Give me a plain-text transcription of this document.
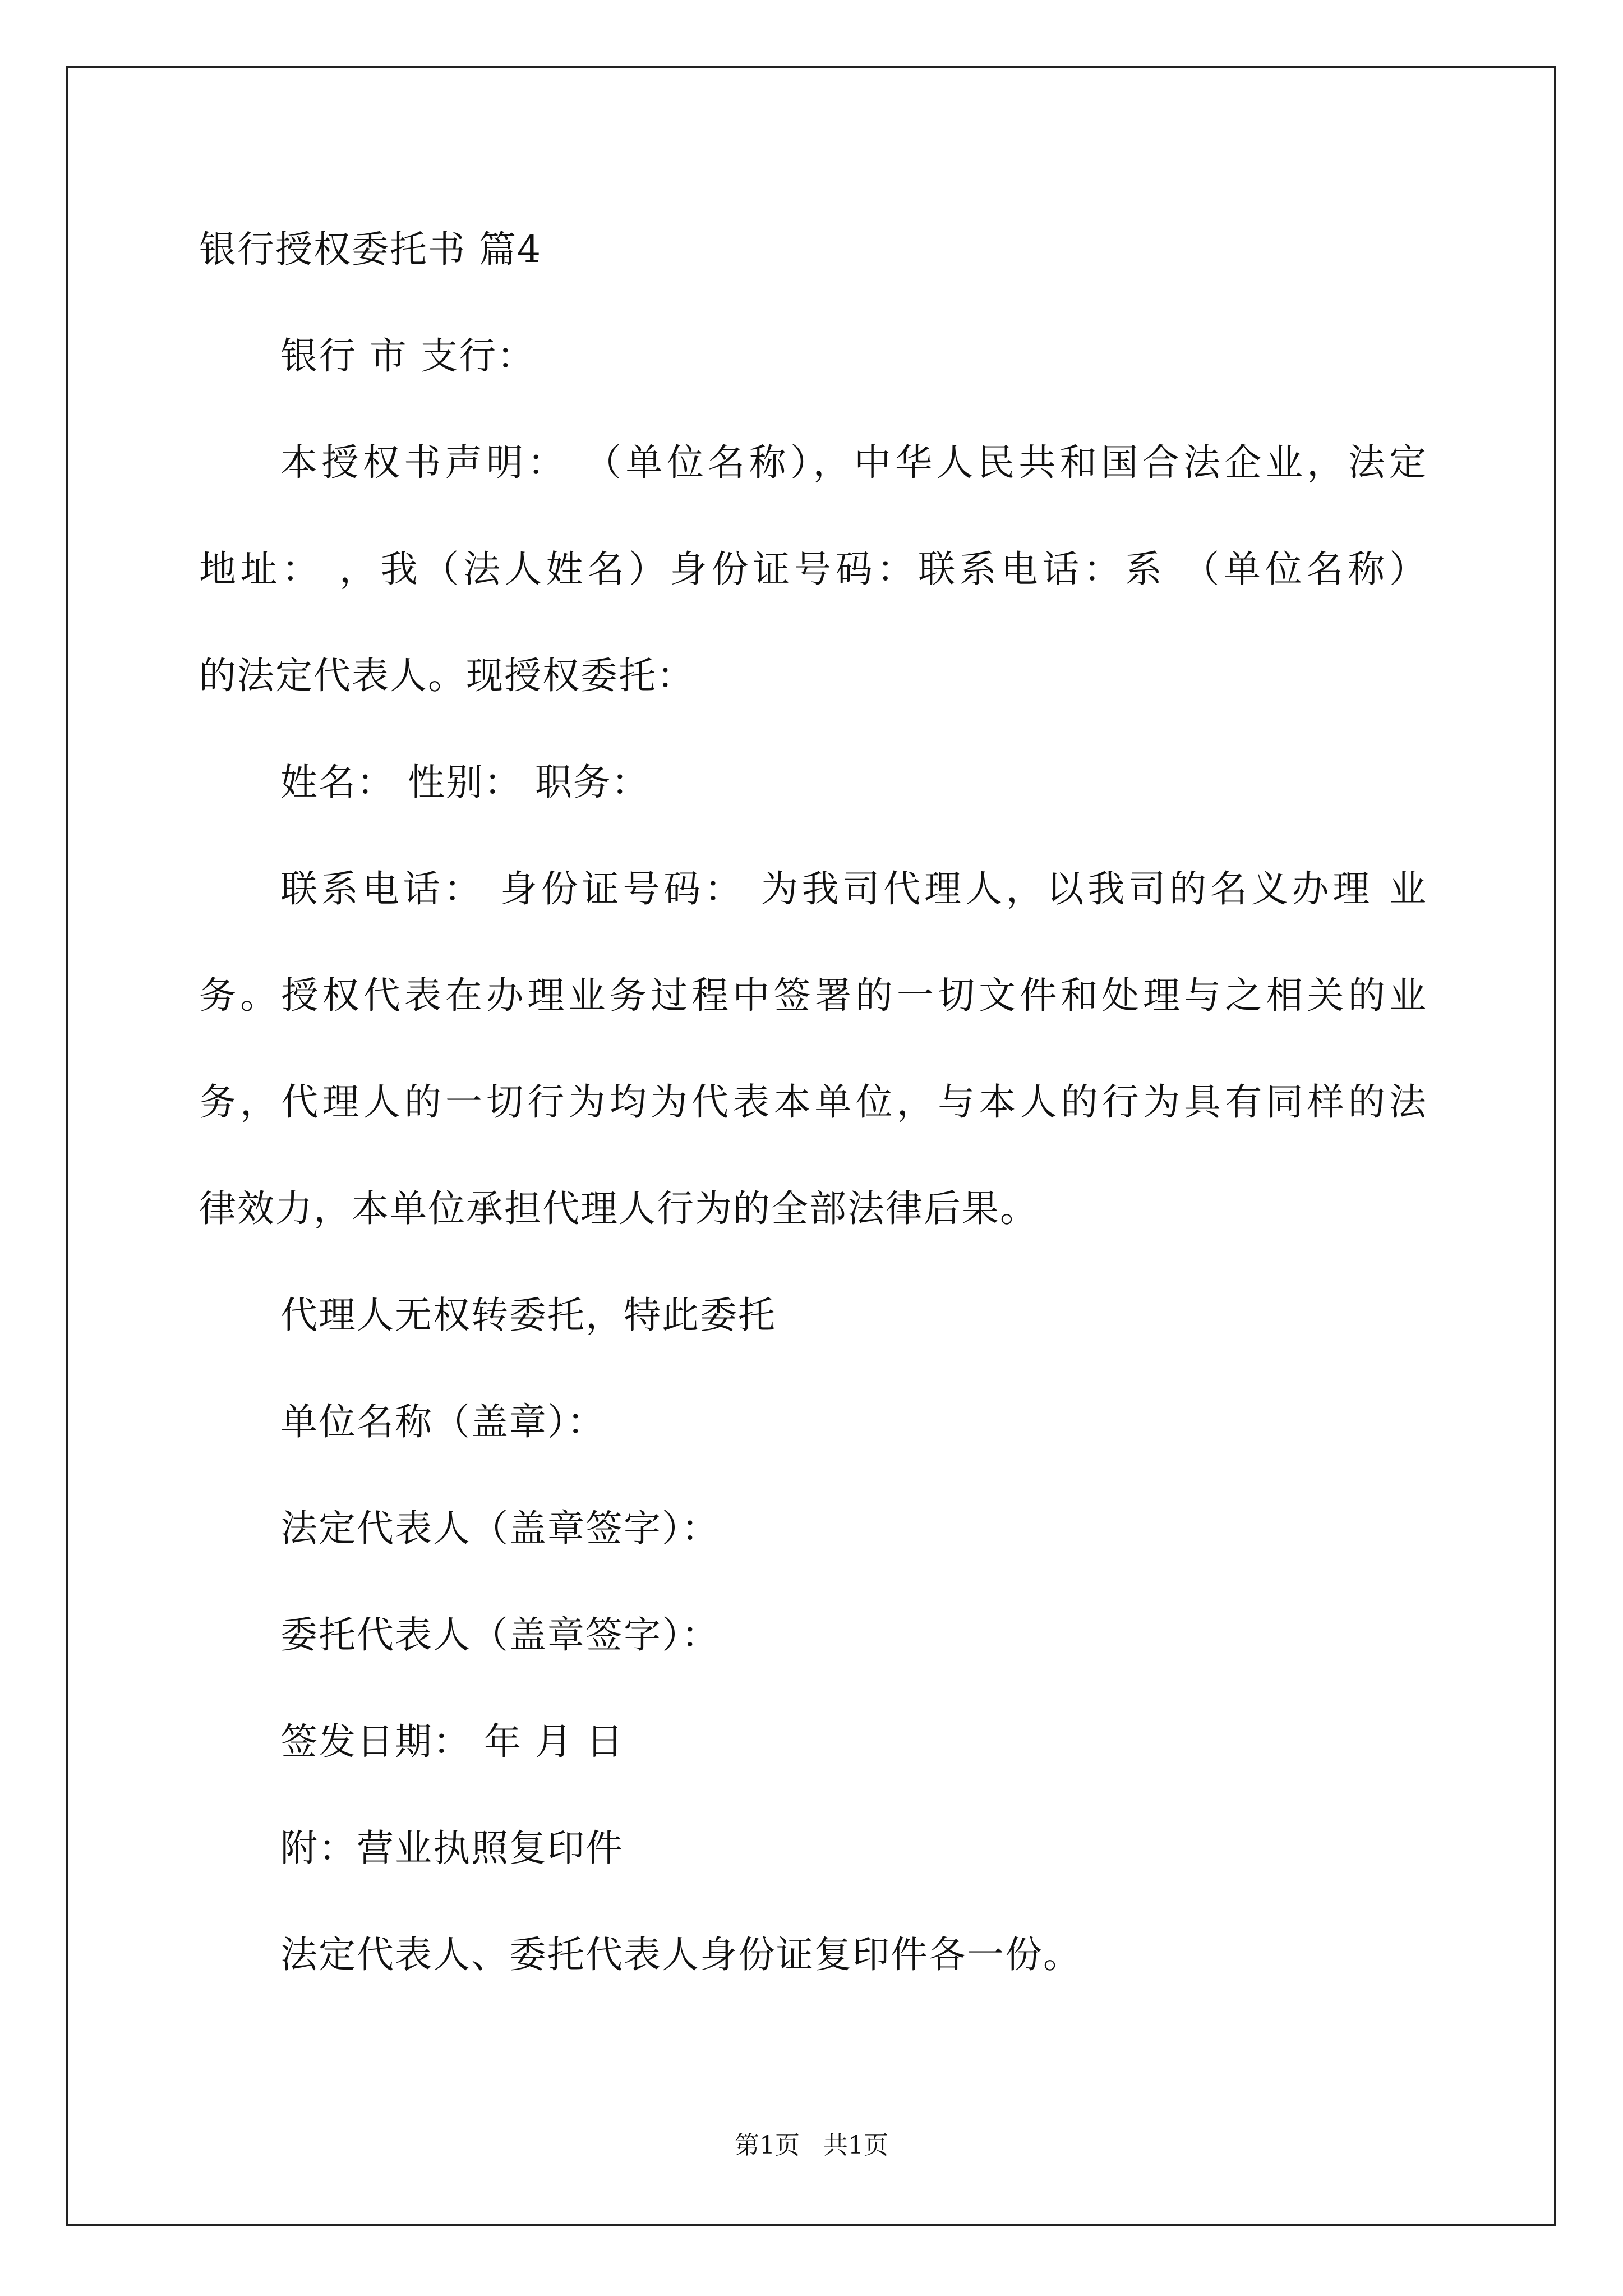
银行授权委托书 篇4
银行 市 支行：
本授权书声明： （单位名称），中华人民共和国合法企业，法定
地址： ，我（法人姓名）身份证号码：联系电话：系 （单位名称）
的法定代表人。现授权委托：
姓名： 性别： 职务：
联系电话： 身份证号码： 为我司代理人，以我司的名义办理 业
务。授权代表在办理业务过程中签署的一切文件和处理与之相关的业
务，代理人的一切行为均为代表本单位，与本人的行为具有同样的法
律效力，本单位承担代理人行为的全部法律后果。
代理人无权转委托，特此委托
单位名称（盖章）：
法定代表人（盖章签字）：
委托代表人（盖章签字）：
签发日期： 年 月 日
附：营业执照复印件
法定代表人、委托代表人身份证复印件各一份。
第1页 共1页
